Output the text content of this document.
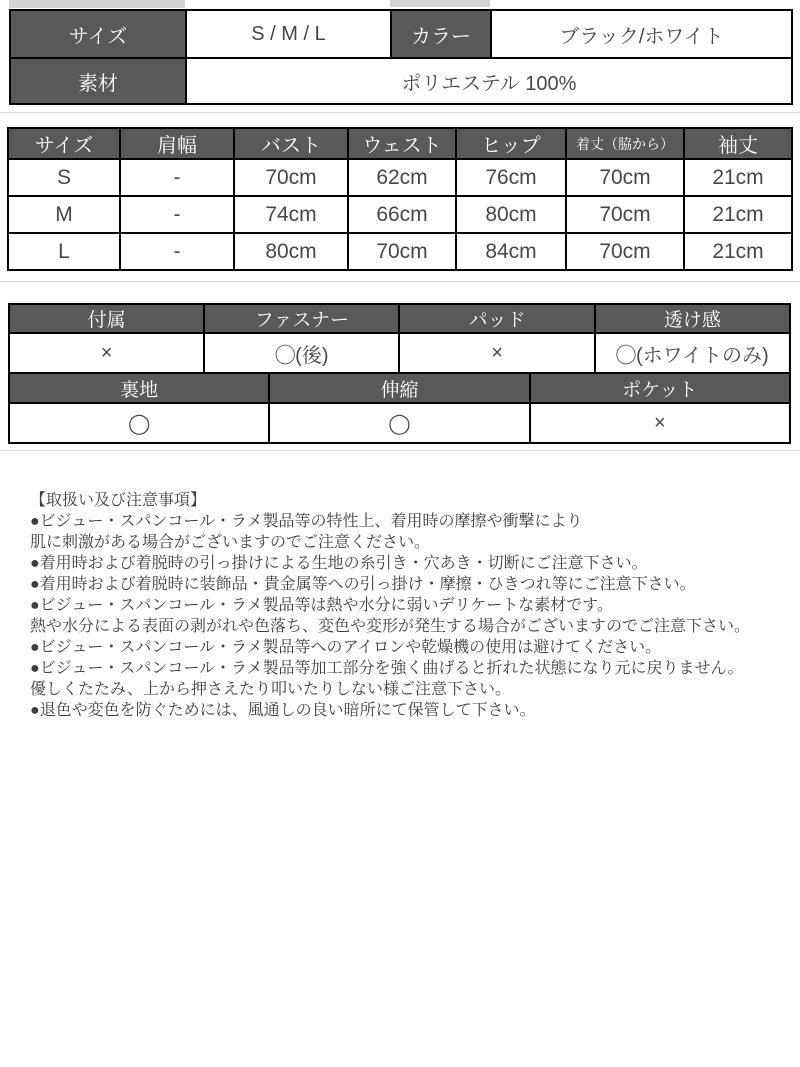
サイズ	S / M / L	カラー	ブラック/ホワイト
素材	ポリエステル 100%		
サイズ	肩幅	バスト	ウェスト	ヒップ	着丈（脇から）	袖丈
S	-	70cm	62cm	76cm	70cm	21cm
M	-	74cm	66cm	80cm	70cm	21cm
L	-	80cm	70cm	84cm	70cm	21cm
付属	ファスナー		パッド		透け感
×	◯(後)		×		◯(ホワイトのみ)
裏地		伸縮		ポケット	
◯		◯		×	
【取扱い及び注意事項】
●ビジュー・スパンコール・ラメ製品等の特性上、着用時の摩擦や衝撃により
肌に刺激がある場合がございますのでご注意ください。
●着用時および着脱時の引っ掛けによる生地の糸引き・穴あき・切断にご注意下さい。
●着用時および着脱時に装飾品・貴金属等への引っ掛け・摩擦・ひきつれ等にご注意下さい。
●ビジュー・スパンコール・ラメ製品等は熱や水分に弱いデリケートな素材です。
熱や水分による表面の剥がれや色落ち、変色や変形が発生する場合がございますのでご注意下さい。
●ビジュー・スパンコール・ラメ製品等へのアイロンや乾燥機の使用は避けてください。
●ビジュー・スパンコール・ラメ製品等加工部分を強く曲げると折れた状態になり元に戻りません。
優しくたたみ、上から押さえたり叩いたりしない様ご注意下さい。
●退色や変色を防ぐためには、風通しの良い暗所にて保管して下さい。
